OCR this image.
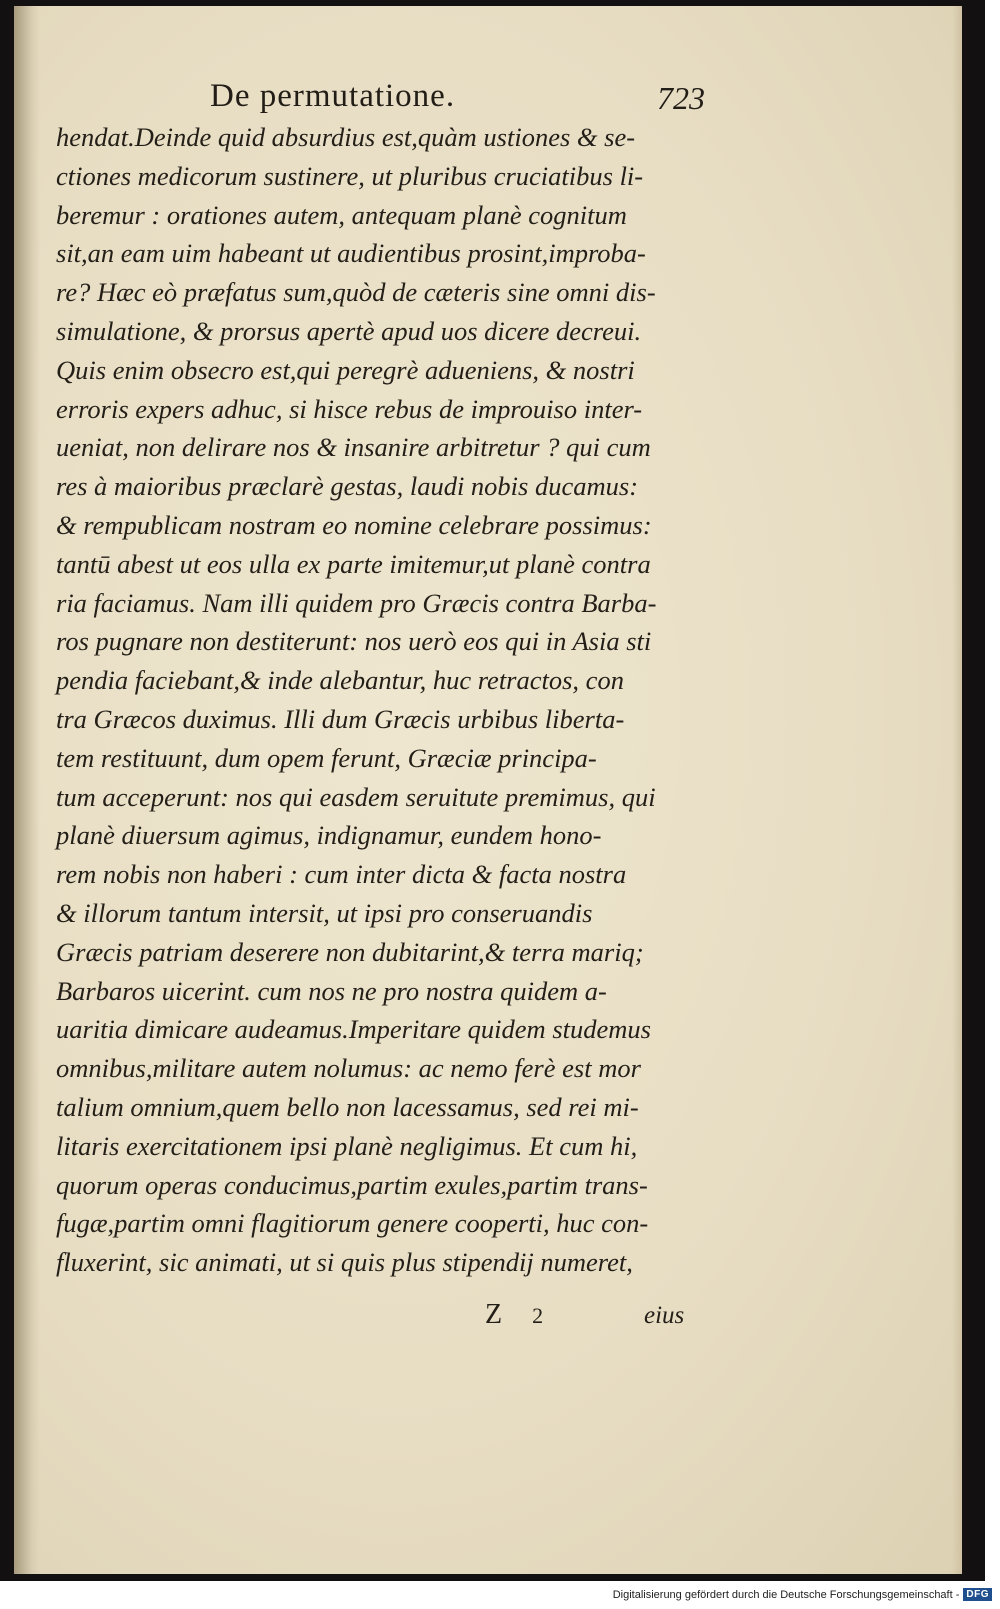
De permutatione.	723
hendat.Deinde quid absurdius est,quàm ustiones & se-
ctiones medicorum sustinere, ut pluribus cruciatibus li-
beremur : orationes autem, antequam planè cognitum
sit,an eam uim habeant ut audientibus prosint,improba-
re? Hæc eò præfatus sum,quòd de cæteris sine omni dis-
simulatione, & prorsus apertè apud uos dicere decreui.
Quis enim obsecro est,qui peregrè adueniens, & nostri
erroris expers adhuc, si hisce rebus de improuiso inter-
ueniat, non delirare nos & insanire arbitretur ? qui cum
res à maioribus præclarè gestas, laudi nobis ducamus:
& rempublicam nostram eo nomine celebrare possimus:
tantū abest ut eos ulla ex parte imitemur,ut planè contra
ria faciamus. Nam illi quidem pro Græcis contra Barba-
ros pugnare non destiterunt: nos uerò eos qui in Asia sti
pendia faciebant,& inde alebantur, huc retractos, con
tra Græcos duximus. Illi dum Græcis urbibus liberta-
tem restituunt, dum opem ferunt, Græciæ principa-
tum acceperunt: nos qui easdem seruitute premimus, qui
planè diuersum agimus, indignamur, eundem hono-
rem nobis non haberi : cum inter dicta & facta nostra
& illorum tantum intersit, ut ipsi pro conseruandis
Græcis patriam deserere non dubitarint,& terra mariq;
Barbaros uicerint. cum nos ne pro nostra quidem a-
uaritia dimicare audeamus.Imperitare quidem studemus
omnibus,militare autem nolumus: ac nemo ferè est mor
talium omnium,quem bello non lacessamus, sed rei mi-
litaris exercitationem ipsi planè negligimus. Et cum hi,
quorum operas conducimus,partim exules,partim trans-
fugæ,partim omni flagitiorum genere cooperti, huc con-
fluxerint, sic animati, ut si quis plus stipendij numeret,
Z 2	eius
Digitalisierung gefördert durch die Deutsche Forschungsgemeinschaft - DFG
